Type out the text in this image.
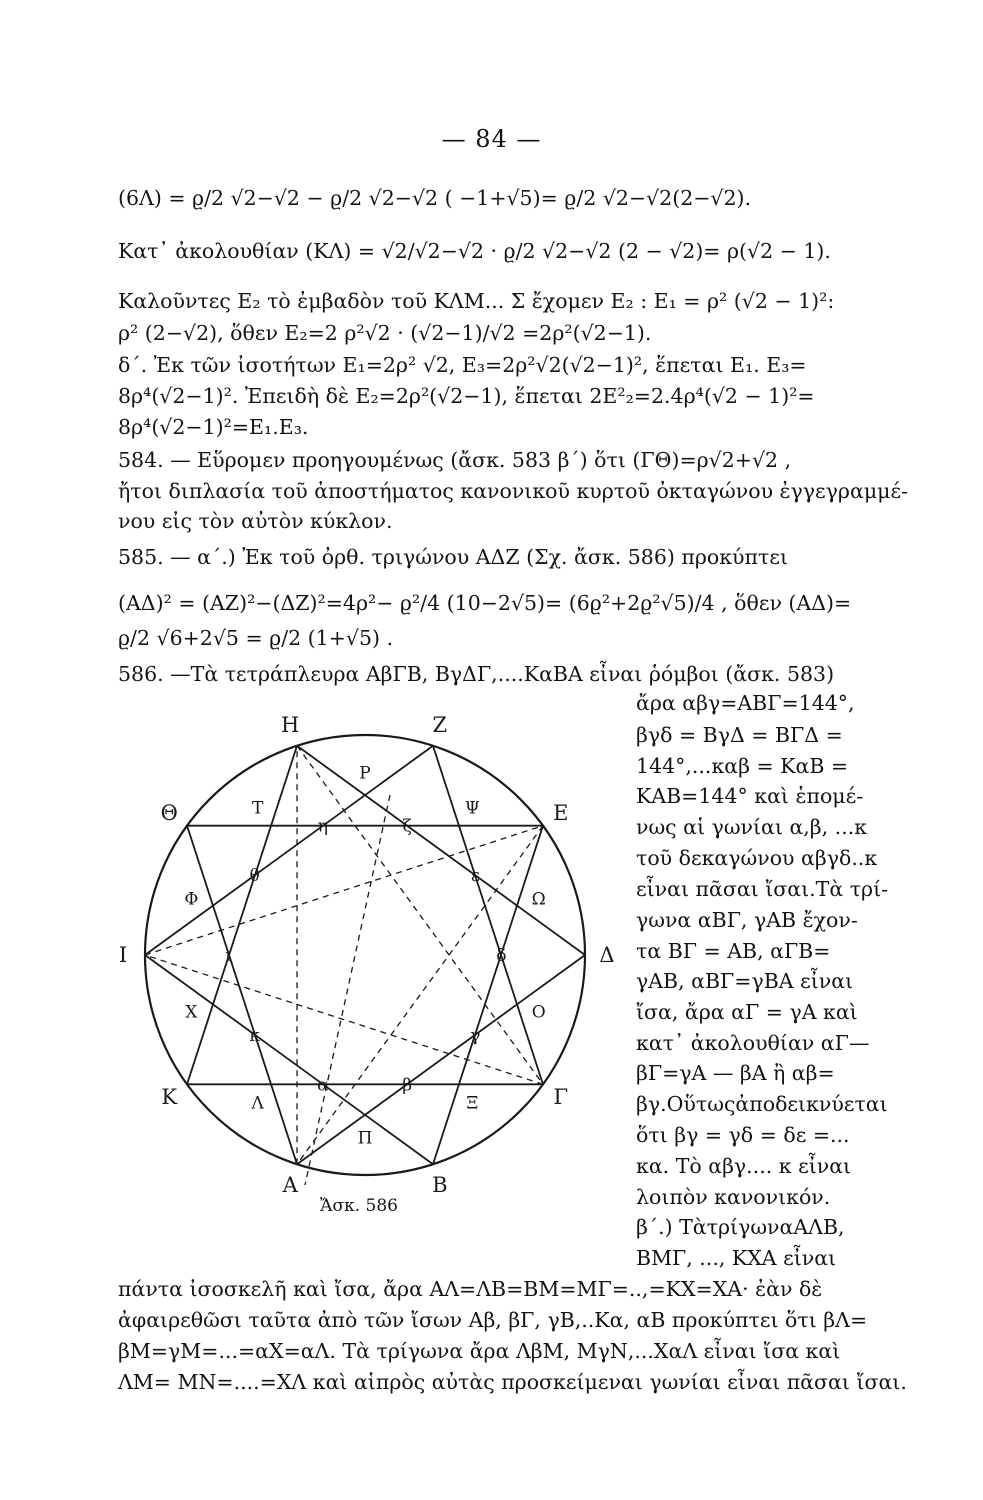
— 84 —
(6Λ) = ϱ/2 √2−√2 − ϱ/2 √2−√2 ( −1+√5)= ϱ/2 √2−√2(2−√2).
Κατ᾽ ἀκολουθίαν (ΚΛ) = √2/√2−√2 · ϱ/2 √2−√2 (2 − √2)= ρ(√2 − 1).
Καλοῦντες Ε₂ τὸ ἐμβαδὸν τοῦ ΚΛΜ... Σ ἔχομεν Ε₂ : Ε₁ = ρ² (√2 − 1)²:
ρ² (2−√2), ὅθεν Ε₂=2 ρ²√2 · (√2−1)/√2 =2ρ²(√2−1).
δ΄. Ἐκ τῶν ἰσοτήτων Ε₁=2ρ² √2, Ε₃=2ρ²√2(√2−1)², ἕπεται Ε₁. Ε₃=
8ρ⁴(√2−1)². Ἐπειδὴ δὲ Ε₂=2ρ²(√2−1), ἕπεται 2Ε²₂=2.4ρ⁴(√2 − 1)²=
8ρ⁴(√2−1)²=Ε₁.Ε₃.
584. — Εὕρομεν προηγουμένως (ἄσκ. 583 β΄) ὅτι (ΓΘ)=ρ√2+√2 ,
ἤτοι διπλασία τοῦ ἀποστήματος κανονικοῦ κυρτοῦ ὀκταγώνου ἐγγεγραμμέ-
νου εἰς τὸν αὐτὸν κύκλον.
585. — α΄.) Ἐκ τοῦ ὀρθ. τριγώνου ΑΔΖ (Σχ. ἄσκ. 586) προκύπτει
(ΑΔ)² = (ΑΖ)²−(ΔΖ)²=4ρ²− ϱ²/4 (10−2√5)= (6ϱ²+2ϱ²√5)/4 , ὅθεν (ΑΔ)=
ϱ/2 √6+2√5 = ϱ/2 (1+√5) .
586. —Τὰ τετράπλευρα ΑβΓΒ, ΒγΔΓ,....ΚαΒΑ εἶναι ῥόμβοι (ἄσκ. 583)
ἄρα αβγ=ΑΒΓ=144°,
βγδ = ΒγΔ = ΒΓΔ =
144°,...καβ = ΚαΒ =
ΚΑΒ=144° καὶ ἑπομέ-
νως αἱ γωνίαι α,β, ...κ
τοῦ δεκαγώνου αβγδ..κ
εἶναι πᾶσαι ἴσαι.Τὰ τρί-
γωνα αΒΓ, γΑΒ ἔχον-
τα ΒΓ = ΑΒ, αΓΒ=
γΑΒ, αΒΓ=γΒΑ εἶναι
ἴσα, ἄρα αΓ = γΑ καὶ
κατ᾽ ἀκολουθίαν αΓ—
βΓ=γΑ — βΑ ἢ αβ=
βγ.Οὕτωςἀποδεικνύεται
ὅτι βγ = γδ = δε =...
κα. Τὸ αβγ.... κ εἶναι
λοιπὸν κανονικόν.
β΄.) ΤὰτρίγωναΑΛΒ,
ΒΜΓ, ..., ΚΧΑ εἶναι
πάντα ἰσοσκελῆ καὶ ἴσα, ἄρα ΑΛ=ΛΒ=ΒΜ=ΜΓ=..,=ΚΧ=ΧΑ· ἐὰν δὲ
ἀφαιρεθῶσι ταῦτα ἀπὸ τῶν ἴσων Αβ, βΓ, γΒ,..Κα, αΒ προκύπτει ὅτι βΛ=
βΜ=γΜ=...=αΧ=αΛ. Τὰ τρίγωνα ἄρα ΛβΜ, ΜγΝ,...ΧαΛ εἶναι ἴσα καὶ
ΛΜ= ΜΝ=....=ΧΛ καὶ αἱπρὸς αὐτὰς προσκείμεναι γωνίαι εἶναι πᾶσαι ἴσαι.
Η	Ζ
Ε
Δ
Γ
Β
Α
Κ
Ι
Θ
η	ζ
ε
δ
γ
β
α
κ
ι
θ
Ρ
Ψ
Ω
Ο
Ξ
Π
Λ
Χ
Φ
Τ
Ἄσκ. 586
